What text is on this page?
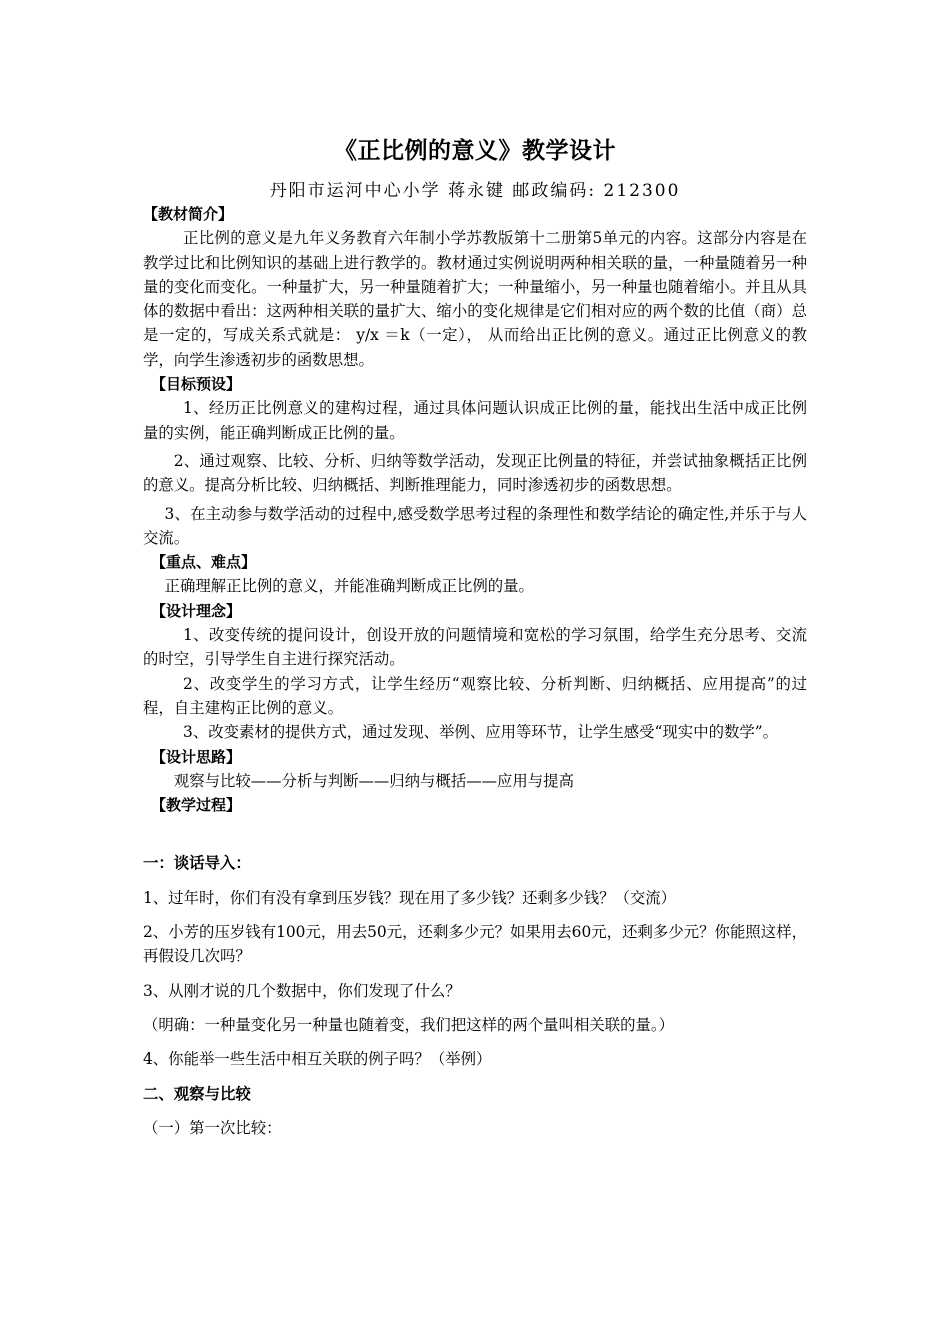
《正比例的意义》教学设计
丹阳市运河中心小学 蒋永键 邮政编码: 212300

【教材简介】

正比例的意义是九年义务教育六年制小学苏教版第十二册第5单元的内容。这部分内容是在教学过比和比例知识的基础上进行教学的。教材通过实例说明两种相关联的量，一种量随着另一种量的变化而变化。一种量扩大，另一种量随着扩大；一种量缩小，另一种量也随着缩小。并且从具体的数据中看出：这两种相关联的量扩大、缩小的变化规律是它们相对应的两个数的比值（商）总是一定的，写成关系式就是： y/x ＝k（一定）， 从而给出正比例的意义。通过正比例意义的教学，向学生渗透初步的函数思想。

【目标预设】

1、经历正比例意义的建构过程，通过具体问题认识成正比例的量，能找出生活中成正比例量的实例，能正确判断成正比例的量。

2、通过观察、比较、分析、归纳等数学活动，发现正比例量的特征，并尝试抽象概括正比例的意义。提高分析比较、归纳概括、判断推理能力，同时渗透初步的函数思想。

3、在主动参与数学活动的过程中,感受数学思考过程的条理性和数学结论的确定性,并乐于与人交流。

【重点、难点】

正确理解正比例的意义，并能准确判断成正比例的量。

【设计理念】

1、改变传统的提问设计，创设开放的问题情境和宽松的学习氛围，给学生充分思考、交流的时空，引导学生自主进行探究活动。

2、改变学生的学习方式，让学生经历“观察比较、分析判断、归纳概括、应用提高”的过程，自主建构正比例的意义。

3、改变素材的提供方式，通过发现、举例、应用等环节，让学生感受“现实中的数学”。

【设计思路】

观察与比较——分析与判断——归纳与概括——应用与提高

【教学过程】

一：谈话导入：

1、过年时，你们有没有拿到压岁钱？现在用了多少钱？还剩多少钱？（交流）

2、小芳的压岁钱有100元，用去50元，还剩多少元？如果用去60元，还剩多少元？你能照这样，再假设几次吗？

3、从刚才说的几个数据中，你们发现了什么？

（明确：一种量变化另一种量也随着变，我们把这样的两个量叫相关联的量。）

4、你能举一些生活中相互关联的例子吗？（举例）

二、观察与比较

（一）第一次比较：
